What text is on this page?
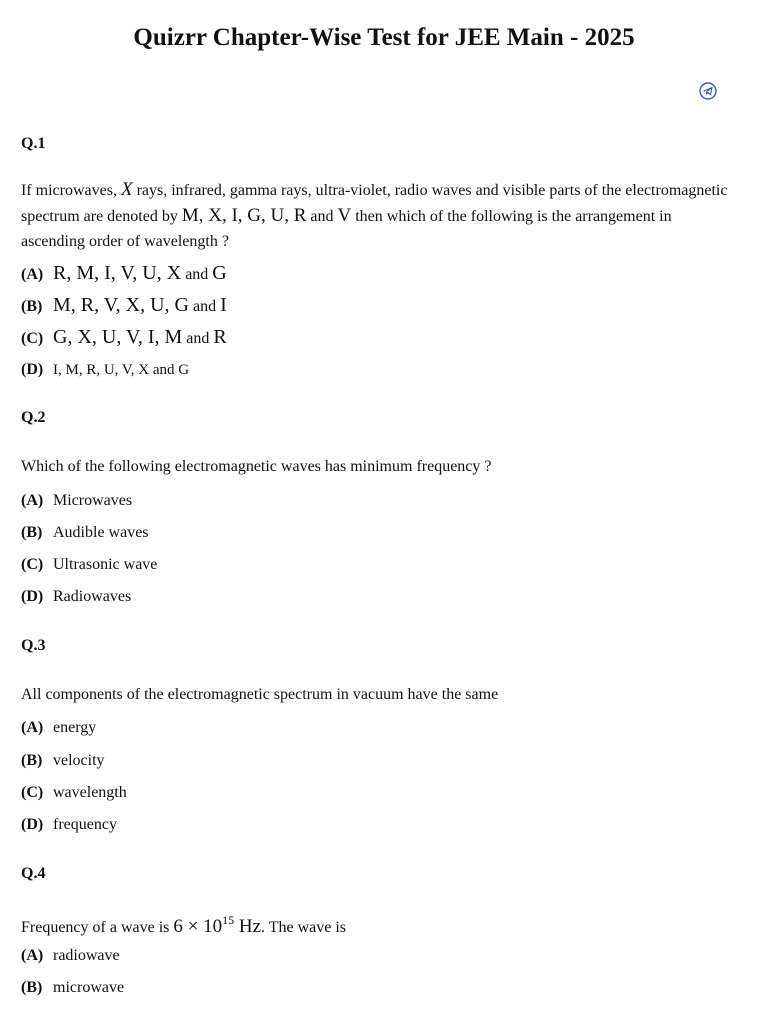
Quizrr Chapter-Wise Test for JEE Main - 2025
Q.1
If microwaves, X rays, infrared, gamma rays, ultra-violet, radio waves and visible parts of the electromagnetic spectrum are denoted by M, X, I, G, U, R and V then which of the following is the arrangement in ascending order of wavelength ?
(A) R, M, I, V, U, X and G
(B) M, R, V, X, U, G and I
(C) G, X, U, V, I, M and R
(D) I, M, R, U, V, X and G
Q.2
Which of the following electromagnetic waves has minimum frequency ?
(A) Microwaves
(B) Audible waves
(C) Ultrasonic wave
(D) Radiowaves
Q.3
All components of the electromagnetic spectrum in vacuum have the same
(A) energy
(B) velocity
(C) wavelength
(D) frequency
Q.4
Frequency of a wave is $6 \times 10^{15}$ Hz. The wave is
(A) radiowave
(B) microwave
